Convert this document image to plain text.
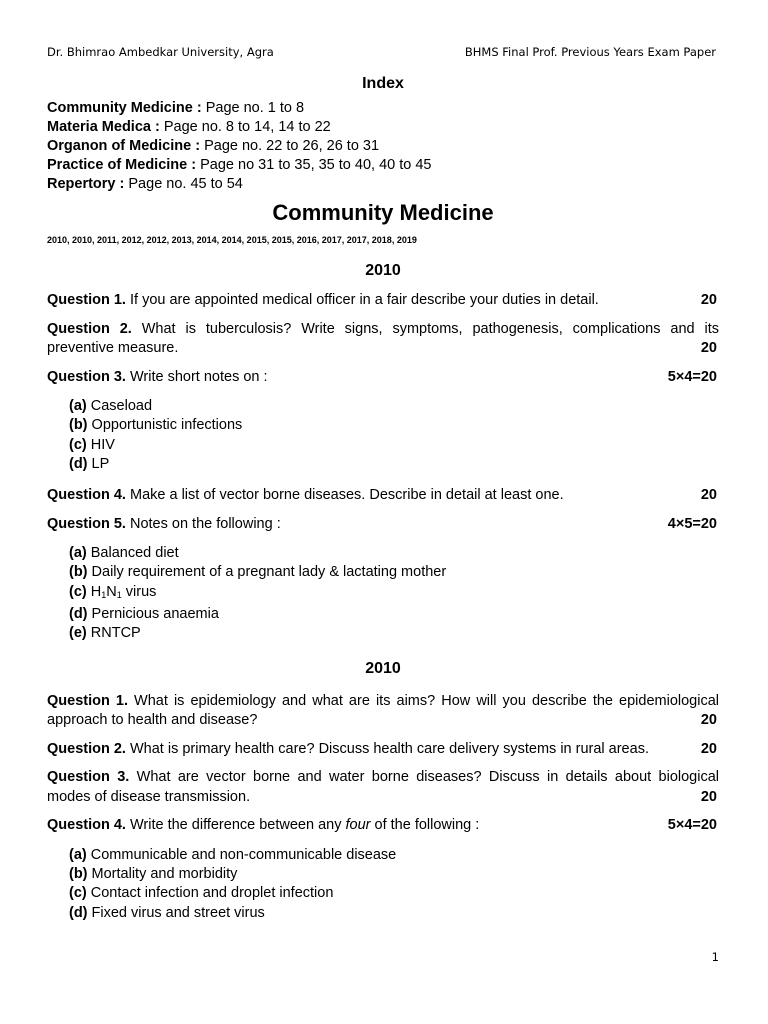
Dr. Bhimrao Ambedkar University, Agra	BHMS Final Prof. Previous Years Exam Paper
Index
Community Medicine : Page no. 1 to 8
Materia Medica : Page no. 8 to 14, 14 to 22
Organon of Medicine : Page no. 22 to 26, 26 to 31
Practice of Medicine : Page no 31 to 35, 35 to 40, 40 to 45
Repertory : Page no. 45 to 54
Community Medicine
2010, 2010, 2011, 2012, 2012, 2013, 2014, 2014, 2015, 2015, 2016, 2017, 2017, 2018, 2019
2010
Question 1. If you are appointed medical officer in a fair describe your duties in detail.	20
Question 2. What is tuberculosis? Write signs, symptoms, pathogenesis, complications and its preventive measure.	20
Question 3. Write short notes on :	5×4=20
(a) Caseload
(b) Opportunistic infections
(c) HIV
(d) LP
Question 4. Make a list of vector borne diseases. Describe in detail at least one.	20
Question 5. Notes on the following :	4×5=20
(a) Balanced diet
(b) Daily requirement of a pregnant lady & lactating mother
(c) $H_1N_1$ virus
(d) Pernicious anaemia
(e) RNTCP
2010
Question 1. What is epidemiology and what are its aims? How will you describe the epidemiological approach to health and disease?	20
Question 2. What is primary health care? Discuss health care delivery systems in rural areas.	20
Question 3. What are vector borne and water borne diseases? Discuss in details about biological modes of disease transmission.	20
Question 4. Write the difference between any four of the following :	5×4=20
(a) Communicable and non-communicable disease
(b) Mortality and morbidity
(c) Contact infection and droplet infection
(d) Fixed virus and street virus
1
